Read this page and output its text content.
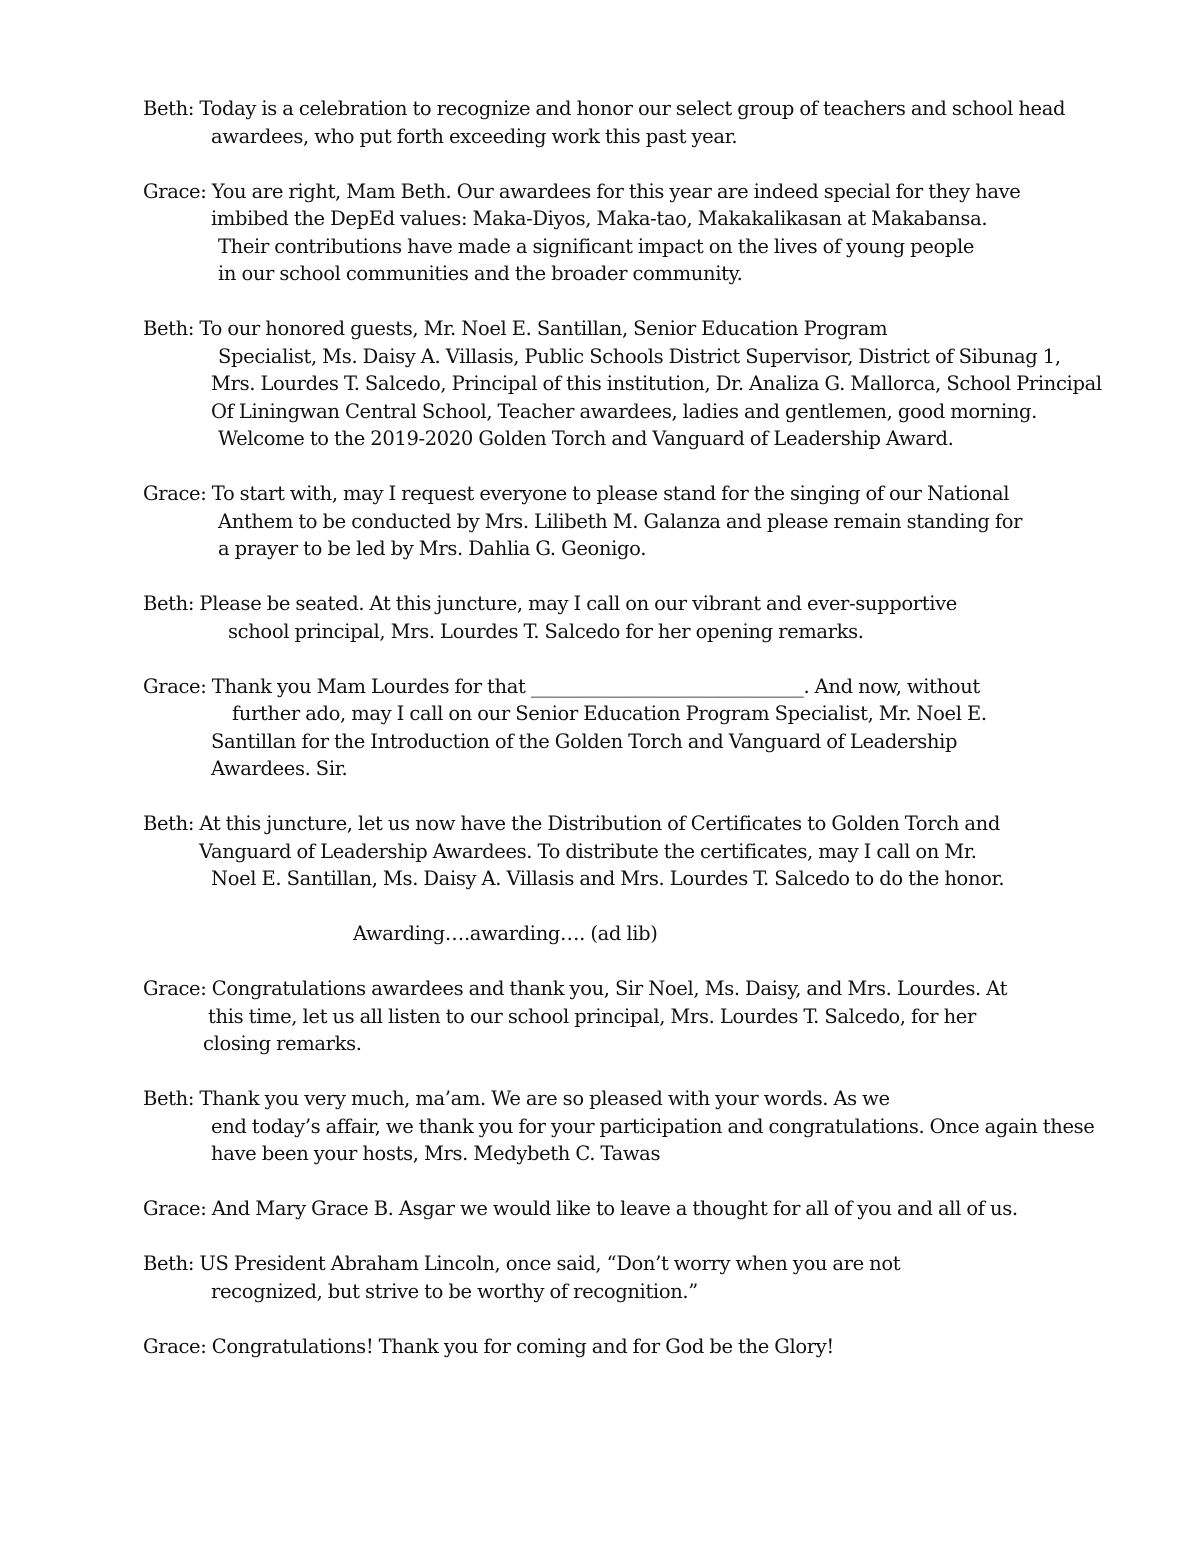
Beth: Today is a celebration to recognize and honor our select group of teachers and school head
awardees, who put forth exceeding work this past year.
Grace: You are right, Mam Beth. Our awardees for this year are indeed special for they have
imbibed the DepEd values: Maka-Diyos, Maka-tao, Makakalikasan at Makabansa.
Their contributions have made a significant impact on the lives of young people
in our school communities and the broader community.
Beth: To our honored guests, Mr. Noel E. Santillan, Senior Education Program
Specialist, Ms. Daisy A. Villasis, Public Schools District Supervisor, District of Sibunag 1,
Mrs. Lourdes T. Salcedo, Principal of this institution, Dr. Analiza G. Mallorca, School Principal
Of Liningwan Central School, Teacher awardees, ladies and gentlemen, good morning.
Welcome to the 2019-2020 Golden Torch and Vanguard of Leadership Award.
Grace: To start with, may I request everyone to please stand for the singing of our National
Anthem to be conducted by Mrs. Lilibeth M. Galanza and please remain standing for
a prayer to be led by Mrs. Dahlia G. Geonigo.
Beth: Please be seated. At this juncture, may I call on our vibrant and ever-supportive
school principal, Mrs. Lourdes T. Salcedo for her opening remarks.
Grace: Thank you Mam Lourdes for that _____________________________. And now, without
further ado, may I call on our Senior Education Program Specialist, Mr. Noel E.
Santillan for the Introduction of the Golden Torch and Vanguard of Leadership
Awardees. Sir.
Beth: At this juncture, let us now have the Distribution of Certificates to Golden Torch and
Vanguard of Leadership Awardees. To distribute the certificates, may I call on Mr.
Noel E. Santillan, Ms. Daisy A. Villasis and Mrs. Lourdes T. Salcedo to do the honor.
Awarding….awarding…. (ad lib)
Grace: Congratulations awardees and thank you, Sir Noel, Ms. Daisy, and Mrs. Lourdes. At
this time, let us all listen to our school principal, Mrs. Lourdes T. Salcedo, for her
closing remarks.
Beth: Thank you very much, ma’am. We are so pleased with your words. As we
end today’s affair, we thank you for your participation and congratulations. Once again these
have been your hosts, Mrs. Medybeth C. Tawas
Grace: And Mary Grace B. Asgar we would like to leave a thought for all of you and all of us.
Beth: US President Abraham Lincoln, once said, “Don’t worry when you are not
recognized, but strive to be worthy of recognition.”
Grace: Congratulations! Thank you for coming and for God be the Glory!
